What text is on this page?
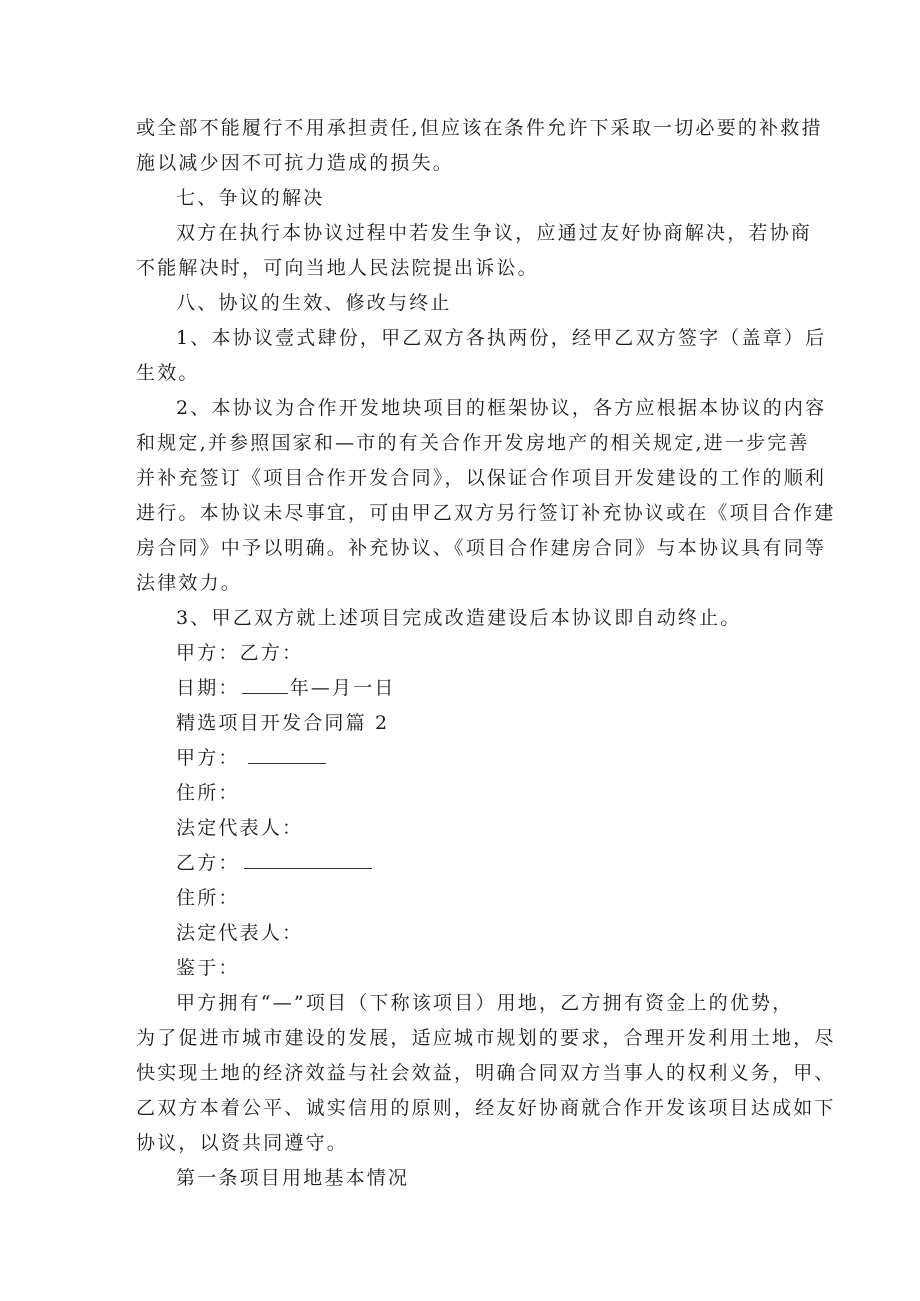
或全部不能履行不用承担责任,但应该在条件允许下采取一切必要的补救措
施以减少因不可抗力造成的损失。
七、争议的解决
双方在执行本协议过程中若发生争议，应通过友好协商解决，若协商
不能解决时，可向当地人民法院提出诉讼。
八、协议的生效、修改与终止
1、本协议壹式肆份，甲乙双方各执两份，经甲乙双方签字（盖章）后
生效。
2、本协议为合作开发地块项目的框架协议，各方应根据本协议的内容
和规定,并参照国家和—市的有关合作开发房地产的相关规定,进一步完善
并补充签订《项目合作开发合同》，以保证合作项目开发建设的工作的顺利
进行。本协议未尽事宜，可由甲乙双方另行签订补充协议或在《项目合作建
房合同》中予以明确。补充协议、《项目合作建房合同》与本协议具有同等
法律效力。
3、甲乙双方就上述项目完成改造建设后本协议即自动终止。
甲方：乙方：
日期：	年—月一日
精选项目开发合同篇 2
甲方：
住所：
法定代表人：
乙方：
住所：
法定代表人：
鉴于：
甲方拥有“—”项目（下称该项目）用地，乙方拥有资金上的优势，
为了促进市城市建设的发展，适应城市规划的要求，合理开发利用土地，尽
快实现土地的经济效益与社会效益，明确合同双方当事人的权利义务，甲、
乙双方本着公平、诚实信用的原则，经友好协商就合作开发该项目达成如下
协议，以资共同遵守。
第一条项目用地基本情况
